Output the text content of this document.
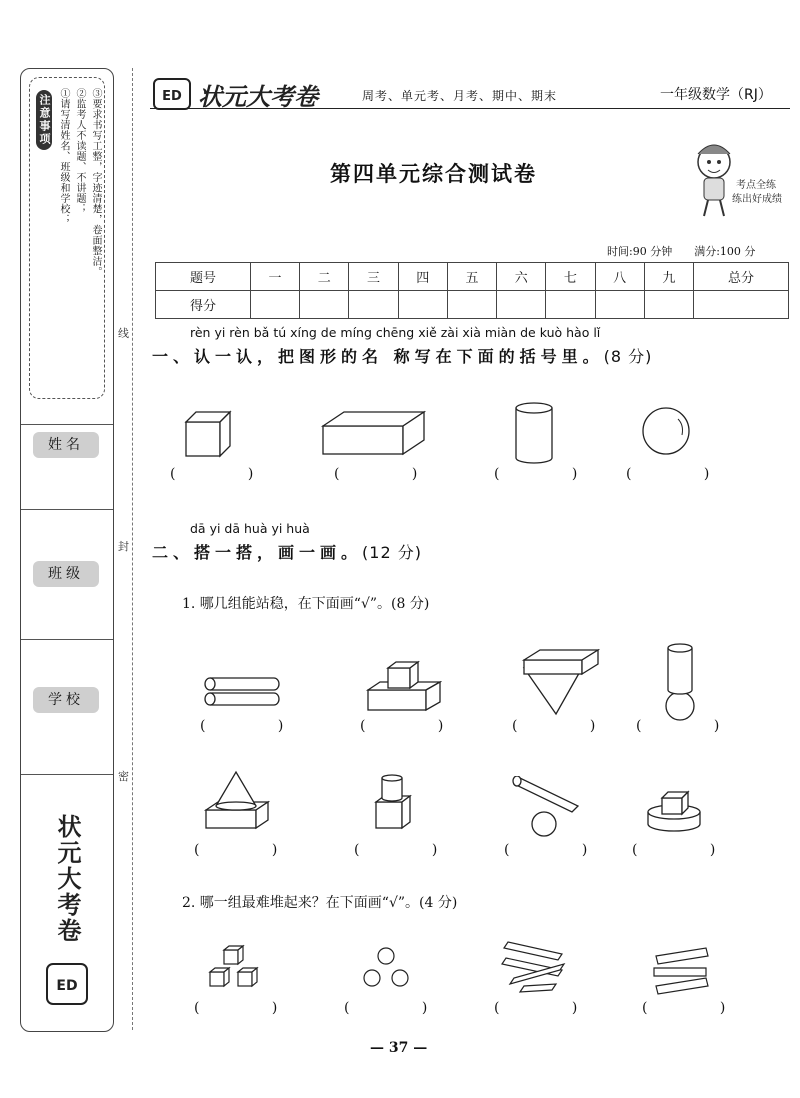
注意事项 ①请写清姓名、班级和学校； ②监考人不读题、不讲题； ③要求书写工整，字迹清楚，卷面整洁。
姓名
班级
学校
ED
状元大考卷
线
封
密
ED 状元大考卷	周考、单元考、月考、期中、期末	一年级数学（RJ）
第四单元综合测试卷	考点全练
练出好成绩
时间:90 分钟 满分:100 分
题号	一	二	三	四	五	六	七	八	九	总分
得分										
rèn yi rèn bǎ tú xíng de míng chēng xiě zài xià miàn de kuò hào lǐ
一、认一认，把图形的名 称写在下面的括号里。(8 分)
( )	( )	( ) ( )
dā yi dā huà yi huà
二、搭一搭，画一画。(12 分)
1. 哪几组能站稳，在下面画“√”。(8 分)
( )	( ) ( ) ( )
( )	( ) ( ) ( )
2. 哪一组最难堆起来？在下面画“√”。(4 分)
( ) ( ) ( ) ( )
— 37 —
